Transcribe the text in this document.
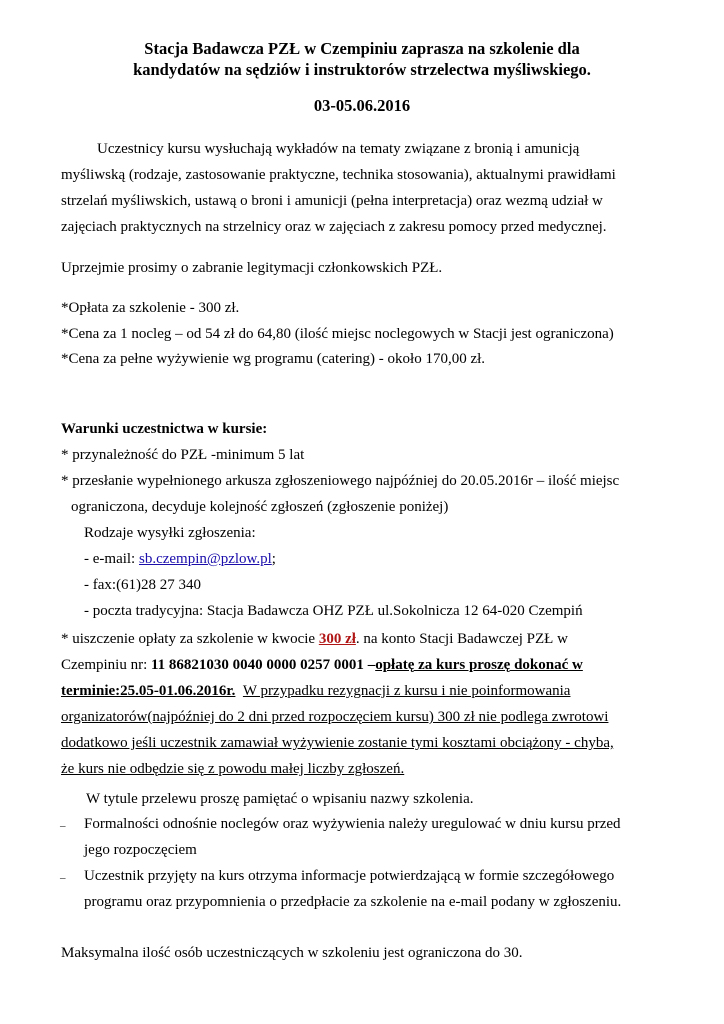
Stacja Badawcza PZŁ w Czempiniu zaprasza na szkolenie dla
kandydatów na sędziów i instruktorów strzelectwa myśliwskiego.
03-05.06.2016
Uczestnicy kursu wysłuchają wykładów na tematy związane z bronią i amunicją
myśliwską (rodzaje, zastosowanie praktyczne, technika stosowania), aktualnymi prawidłami
strzelań myśliwskich, ustawą o broni i amunicji (pełna interpretacja) oraz wezmą udział w
zajęciach praktycznych na strzelnicy oraz w zajęciach z zakresu pomocy przed medycznej.
Uprzejmie prosimy o zabranie legitymacji członkowskich PZŁ.
*Opłata za szkolenie - 300 zł.
*Cena za 1 nocleg – od 54 zł do 64,80 (ilość miejsc noclegowych w Stacji jest ograniczona)
*Cena za pełne wyżywienie wg programu (catering) - około 170,00 zł.
Warunki uczestnictwa w kursie:
* przynależność do PZŁ -minimum 5 lat
* przesłanie wypełnionego arkusza zgłoszeniowego najpóźniej do 20.05.2016r – ilość miejsc
ograniczona, decyduje kolejność zgłoszeń (zgłoszenie poniżej)
Rodzaje wysyłki zgłoszenia:
- e-mail: sb.czempin@pzlow.pl;
- fax:(61)28 27 340
- poczta tradycyjna: Stacja Badawcza OHZ PZŁ ul.Sokolnicza 12 64-020 Czempiń
* uiszczenie opłaty za szkolenie w kwocie 300 zł. na konto Stacji Badawczej PZŁ w
Czempiniu nr: 11 86821030 0040 0000 0257 0001 –opłatę za kurs proszę dokonać w
terminie:25.05-01.06.2016r. W przypadku rezygnacji z kursu i nie poinformowania
organizatorów(najpóźniej do 2 dni przed rozpoczęciem kursu) 300 zł nie podlega zwrotowi
dodatkowo jeśli uczestnik zamawiał wyżywienie zostanie tymi kosztami obciążony - chyba,
że kurs nie odbędzie się z powodu małej liczby zgłoszeń.
W tytule przelewu proszę pamiętać o wpisaniu nazwy szkolenia.
– Formalności odnośnie noclegów oraz wyżywienia należy uregulować w dniu kursu przed
jego rozpoczęciem
– Uczestnik przyjęty na kurs otrzyma informacje potwierdzającą w formie szczegółowego
programu oraz przypomnienia o przedpłacie za szkolenie na e-mail podany w zgłoszeniu.
Maksymalna ilość osób uczestniczących w szkoleniu jest ograniczona do 30.
